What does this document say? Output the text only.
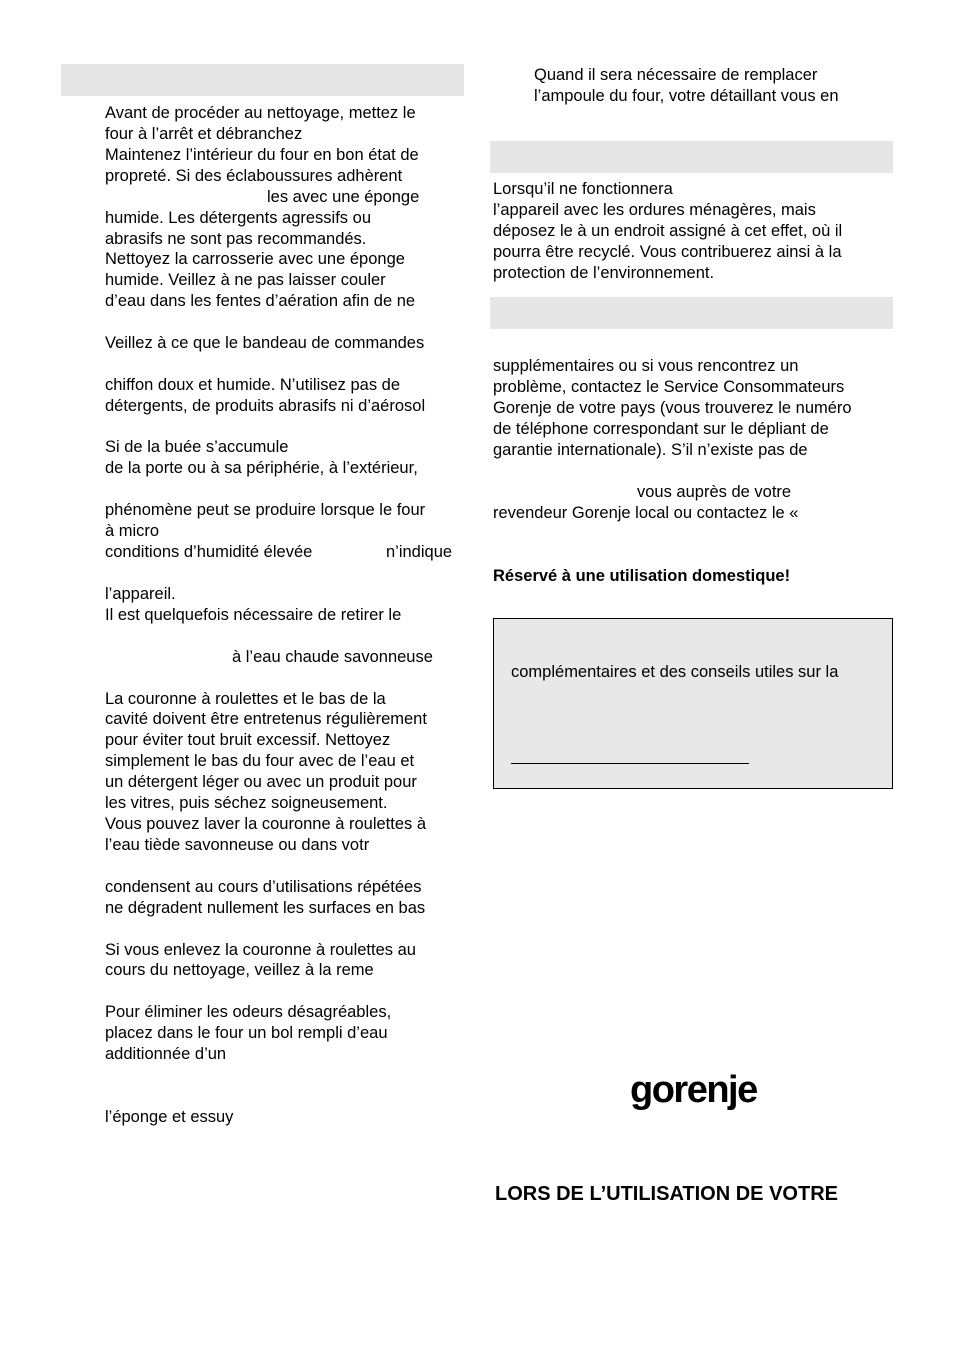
Avant de procéder au nettoyage, mettez le
four à l’arrêt et débranchez
Maintenez l’intérieur du four en bon état de
propreté. Si des éclaboussures adhèrent
les avec une éponge
humide. Les détergents agressifs ou
abrasifs ne sont pas recommandés.
Nettoyez la carrosserie avec une éponge
humide. Veillez à ne pas laisser couler
d’eau dans les fentes d’aération afin de ne
Veillez à ce que le bandeau de commandes
chiffon doux et humide. N’utilisez pas de
détergents, de produits abrasifs ni d’aérosol
Si de la buée s’accumule
de la porte ou à sa périphérie, à l’extérieur,
phénomène peut se produire lorsque le four
à micro
conditions d’humidité élevée	n’indique
l’appareil.
Il est quelquefois nécessaire de retirer le
à l’eau chaude savonneuse
La couronne à roulettes et le bas de la
cavité doivent être entretenus régulièrement
pour éviter tout bruit excessif. Nettoyez
simplement le bas du four avec de l’eau et
un détergent léger ou avec un produit pour
les vitres, puis séchez soigneusement.
Vous pouvez laver la couronne à roulettes à
l’eau tiède savonneuse ou dans votr
condensent au cours d’utilisations répétées
ne dégradent nullement les surfaces en bas
Si vous enlevez la couronne à roulettes au
cours du nettoyage, veillez à la reme
Pour éliminer les odeurs désagréables,
placez dans le four un bol rempli d’eau
additionnée d’un
l’éponge et essuy
Quand il sera nécessaire de remplacer
l’ampoule du four, votre détaillant vous en
Lorsqu’il ne fonctionnera
l’appareil avec les ordures ménagères, mais
déposez le à un endroit assigné à cet effet, où il
pourra être recyclé. Vous contribuerez ainsi à la
protection de l’environnement.
supplémentaires ou si vous rencontrez un
problème, contactez le Service Consommateurs
Gorenje de votre pays (vous trouverez le numéro
de téléphone correspondant sur le dépliant de
garantie internationale). S’il n’existe pas de
vous auprès de votre
revendeur Gorenje local ou contactez le «
Réservé à une utilisation domestique!
complémentaires et des conseils utiles sur la
gorenje
LORS DE L’UTILISATION DE VOTRE
